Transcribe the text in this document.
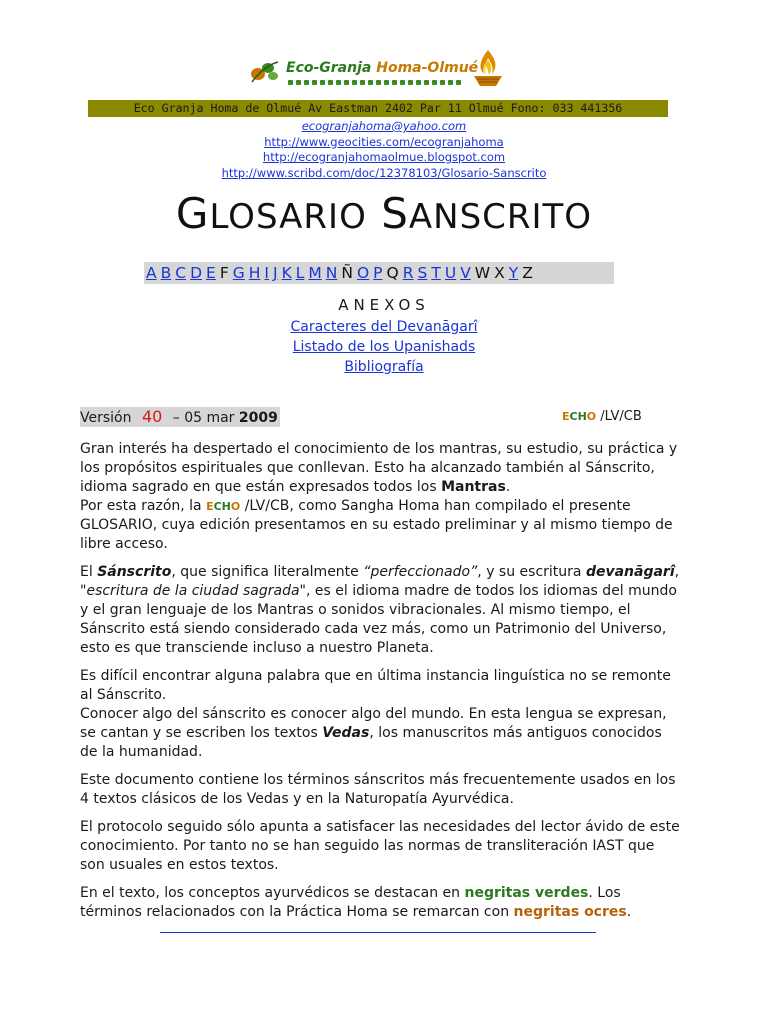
Eco-Granja Homa-Olmué
Eco Granja Homa de Olmué Av Eastman 2402 Par 11 Olmué Fono: 033 441356
ecogranjahoma@yahoo.com
http://www.geocities.com/ecogranjahoma
http://ecogranjahomaolmue.blogspot.com
http://www.scribd.com/doc/12378103/Glosario-Sanscrito
GLOSARIO SANSCRITO
A B C D E F G H I J K L M N Ñ O P Q R S T U V W X Y Z
ANEXOS
Caracteres del Devanāgarî
Listado de los Upanishads
Bibliografía
Versión 40 – 05 mar 2009	ECHO /LV/CB

Gran interés ha despertado el conocimiento de los mantras, su estudio, su práctica y los propósitos espirituales que conllevan. Esto ha alcanzado también al Sánscrito, idioma sagrado en que están expresados todos los Mantras.
Por esta razón, la ECHO /LV/CB, como Sangha Homa han compilado el presente GLOSARIO, cuya edición presentamos en su estado preliminar y al mismo tiempo de libre acceso.

El Sánscrito, que significa literalmente “perfeccionado”, y su escritura devanāgarî, "escritura de la ciudad sagrada", es el idioma madre de todos los idiomas del mundo y el gran lenguaje de los Mantras o sonidos vibracionales. Al mismo tiempo, el Sánscrito está siendo considerado cada vez más, como un Patrimonio del Universo, esto es que transciende incluso a nuestro Planeta.

Es difícil encontrar alguna palabra que en última instancia linguística no se remonte al Sánscrito.
Conocer algo del sánscrito es conocer algo del mundo. En esta lengua se expresan, se cantan y se escriben los textos Vedas, los manuscritos más antiguos conocidos de la humanidad.

Este documento contiene los términos sánscritos más frecuentemente usados en los 4 textos clásicos de los Vedas y en la Naturopatía Ayurvédica.

El protocolo seguido sólo apunta a satisfacer las necesidades del lector ávido de este conocimiento. Por tanto no se han seguido las normas de transliteración IAST que son usuales en estos textos.

En el texto, los conceptos ayurvédicos se destacan en negritas verdes. Los términos relacionados con la Práctica Homa se remarcan con negritas ocres.
